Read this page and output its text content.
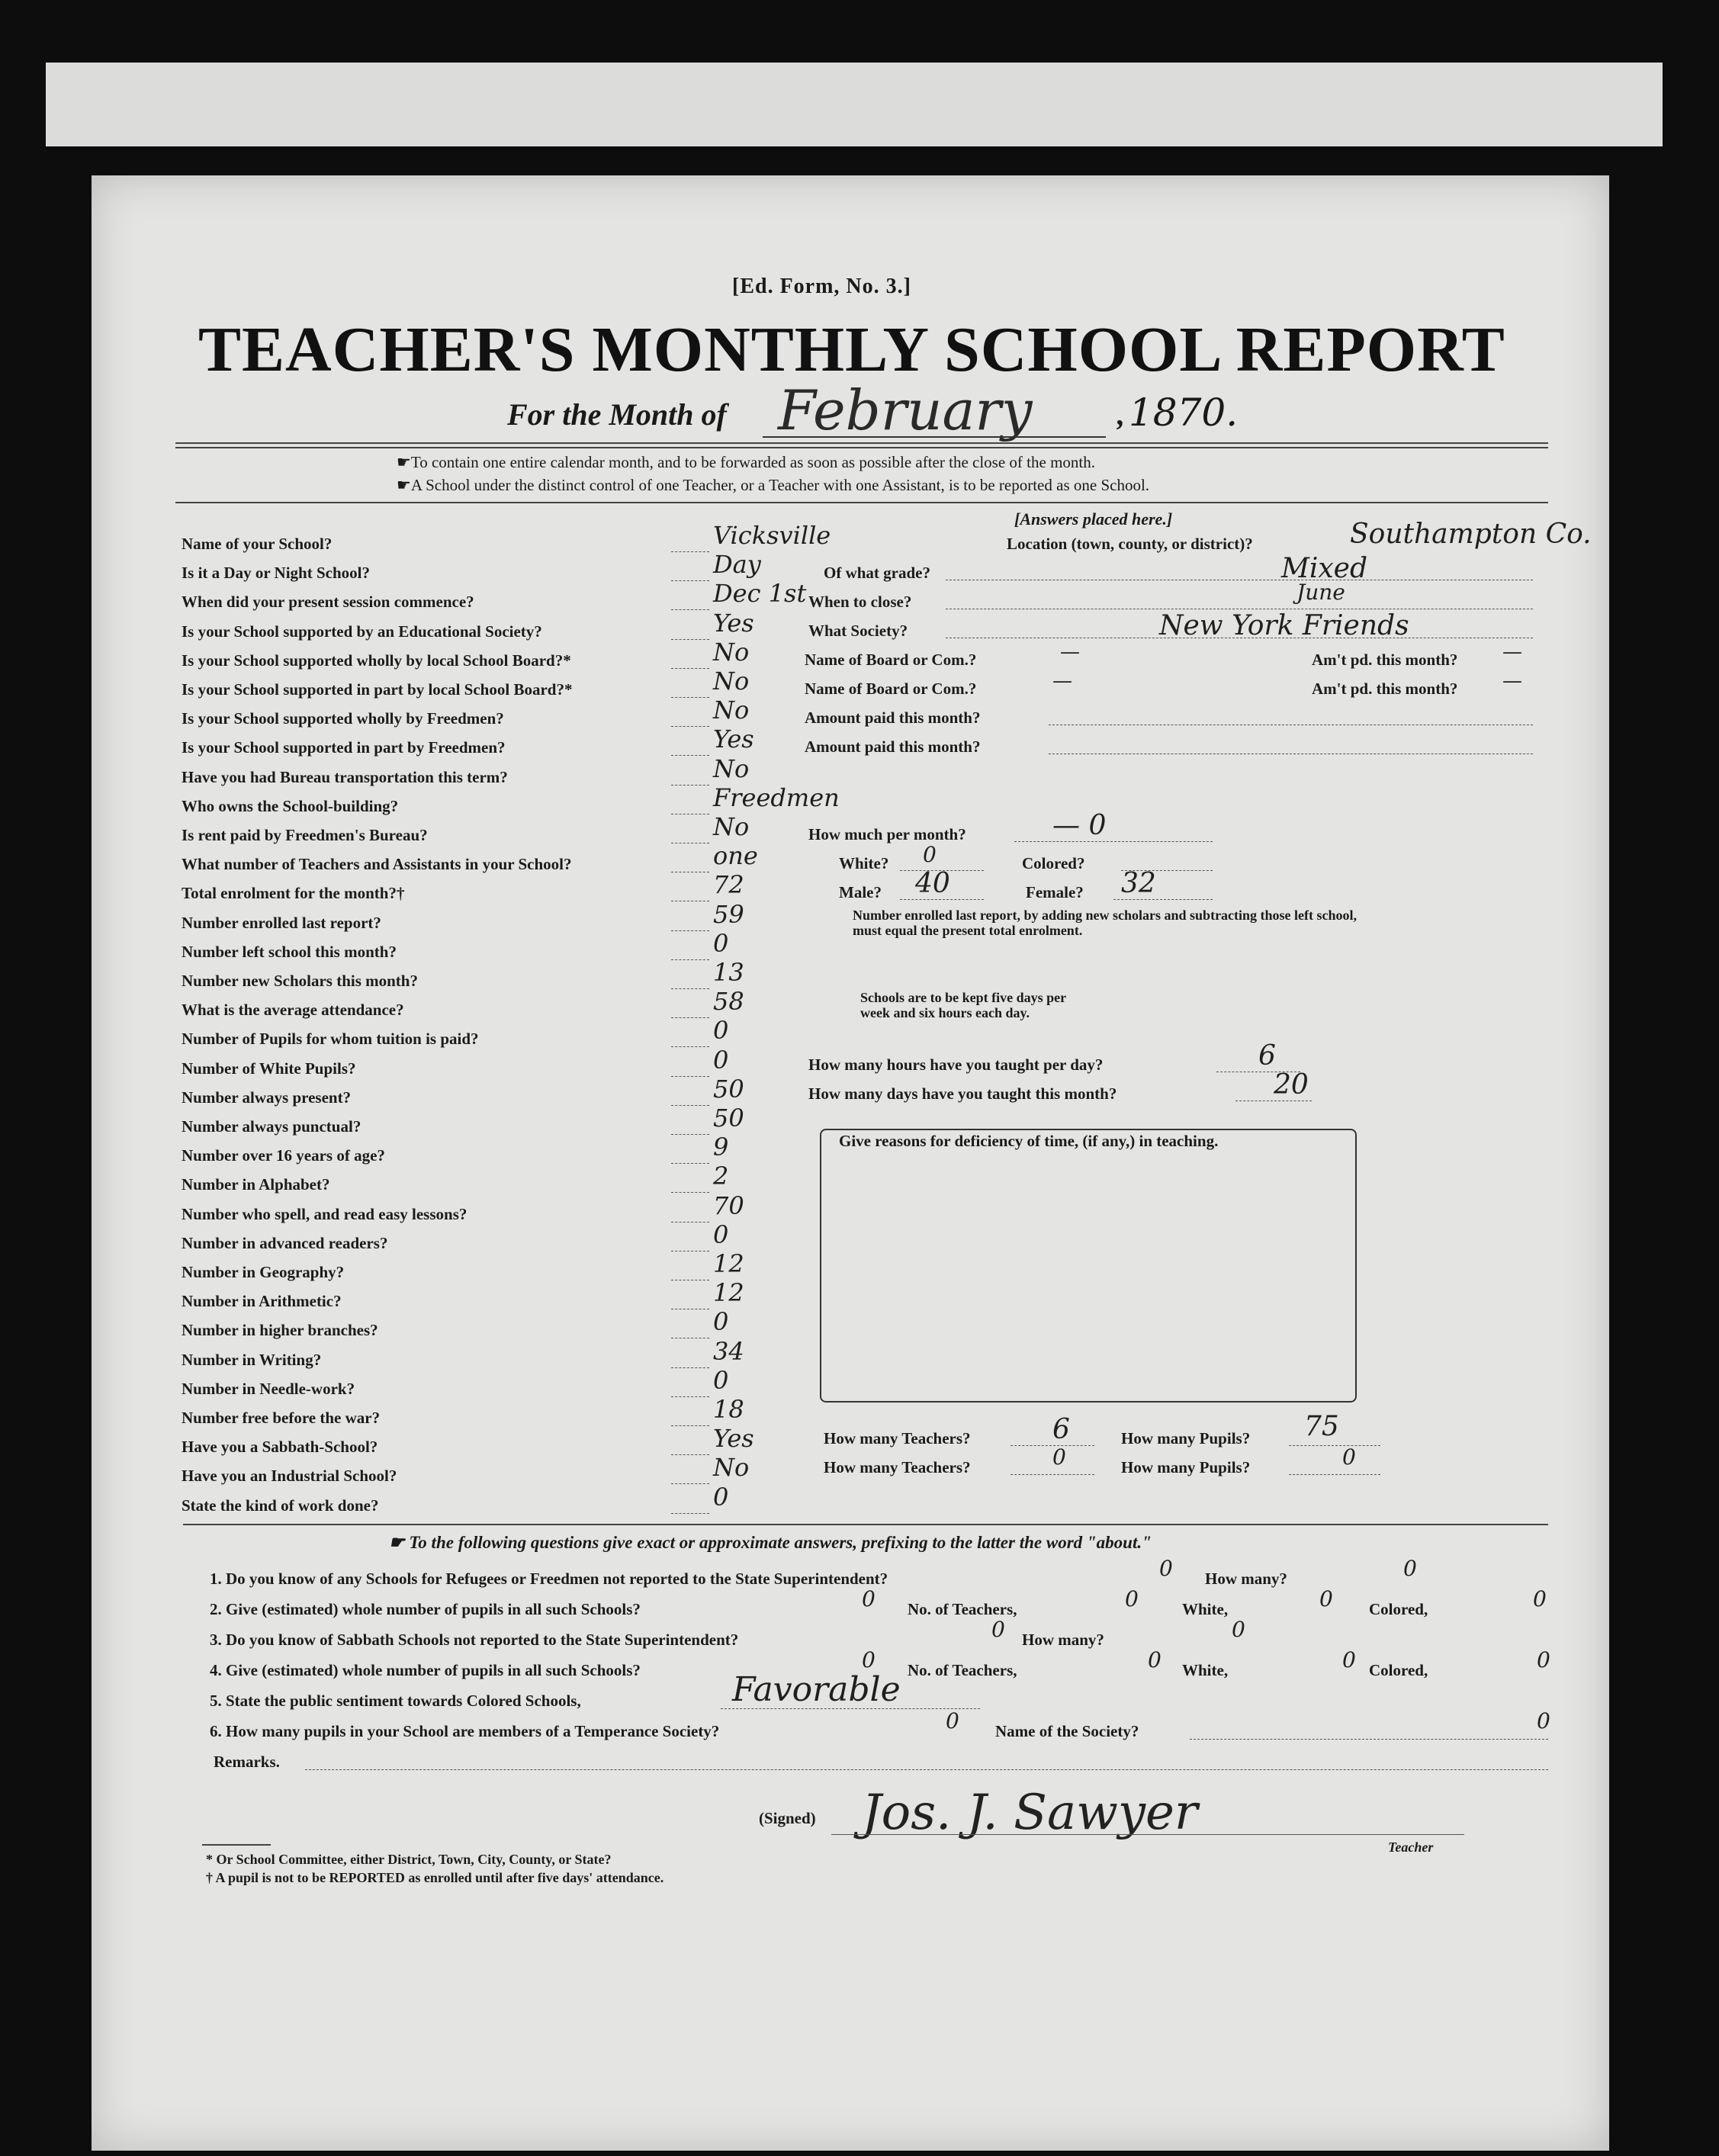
[Ed. Form, No. 3.]
TEACHER'S MONTHLY SCHOOL REPORT
For the Month of February	, 1870.
☛To contain one entire calendar month, and to be forwarded as soon as possible after the close of the month.
☛A School under the distinct control of one Teacher, or a Teacher with one Assistant, is to be reported as one School.
[Answers placed here.]
Name of your School?	Vicksville
Is it a Day or Night School?	Day
When did your present session commence?	Dec 1st
Is your School supported by an Educational Society?	Yes
Is your School supported wholly by local School Board?*	No
Is your School supported in part by local School Board?*	No
Is your School supported wholly by Freedmen?	No
Is your School supported in part by Freedmen?	Yes
Have you had Bureau transportation this term?	No
Who owns the School-building?	Freedmen
Is rent paid by Freedmen's Bureau?	No
What number of Teachers and Assistants in your School?	one
Total enrolment for the month?†	72
Number enrolled last report?	59
Number left school this month?	0
Number new Scholars this month?	13
What is the average attendance?	58
Number of Pupils for whom tuition is paid?	0
Number of White Pupils?	0
Number always present?	50
Number always punctual?	50
Number over 16 years of age?	9
Number in Alphabet?	2
Number who spell, and read easy lessons?	70
Number in advanced readers?	0
Number in Geography?	12
Number in Arithmetic?	12
Number in higher branches?	0
Number in Writing?	34
Number in Needle-work?	0
Number free before the war?	18
Have you a Sabbath-School?	Yes
Have you an Industrial School?	No
State the kind of work done?	0
Location (town, county, or district)?	Southampton Co.
Of what grade?	Mixed
When to close?	June
What Society?	New York Friends
Name of Board or Com.?	—	Am't pd. this month? —
Name of Board or Com.?	—	Am't pd. this month? —
Amount paid this month?
Amount paid this month?
How much per month?	— 0
White? 0	Colored?
Male? 40	Female? 32
Number enrolled last report, by adding new scholars and subtracting those left school, must equal the present total enrolment.
Schools are to be kept five days per week and six hours each day.
How many hours have you taught per day?	6
How many days have you taught this month?	20
Give reasons for deficiency of time, (if any,) in teaching.
How many Teachers?	6	How many Pupils? 75
How many Teachers?	0	How many Pupils?	0
☛ To the following questions give exact or approximate answers, prefixing to the latter the word "about."
1. Do you know of any Schools for Refugees or Freedmen not reported to the State Superintendent?	0 How many?	0
2. Give (estimated) whole number of pupils in all such Schools?	0 No. of Teachers,	0	White,	0 Colored,	0
3. Do you know of Sabbath Schools not reported to the State Superintendent?	0 How many?	0
4. Give (estimated) whole number of pupils in all such Schools?	0 No. of Teachers,	0 White,	0 Colored,	0
5. State the public sentiment towards Colored Schools,	Favorable
6. How many pupils in your School are members of a Temperance Society?	0 Name of the Society?	0
Remarks.
(Signed) Jos. J. Sawyer
Teacher
* Or School Committee, either District, Town, City, County, or State?
† A pupil is not to be REPORTED as enrolled until after five days' attendance.
